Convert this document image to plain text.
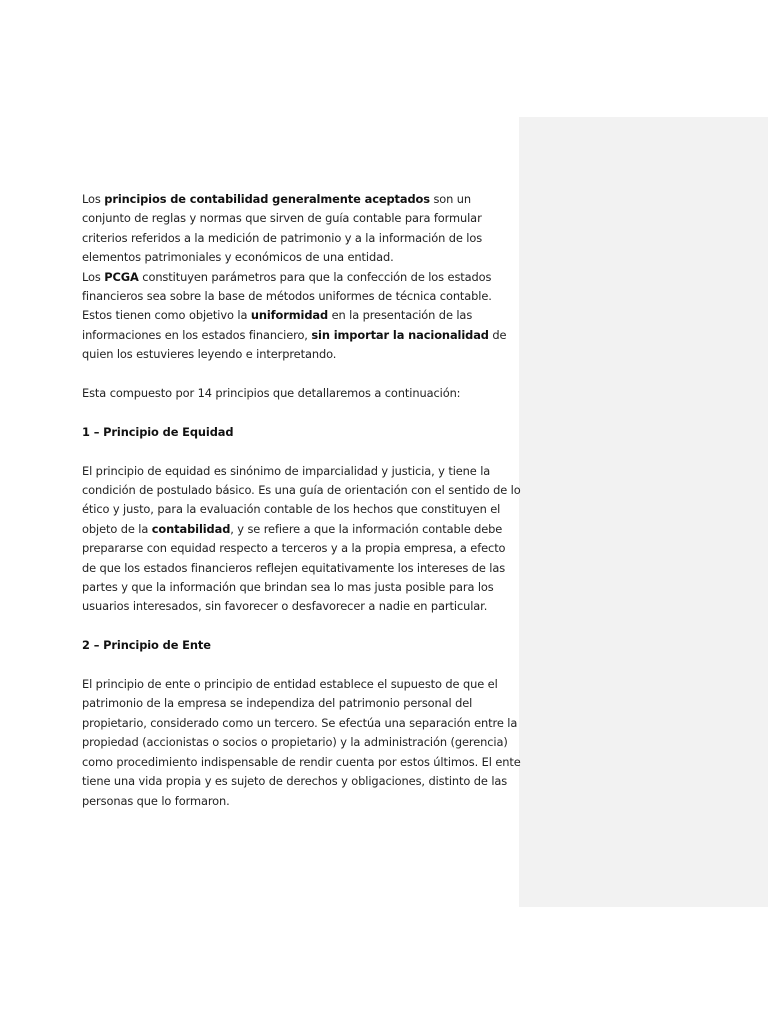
Los principios de contabilidad generalmente aceptados son un conjunto de reglas y normas que sirven de guía contable para formular criterios referidos a la medición de patrimonio y a la información de los elementos patrimoniales y económicos de una entidad.

Los PCGA constituyen parámetros para que la confección de los estados financieros sea sobre la base de métodos uniformes de técnica contable. Estos tienen como objetivo la uniformidad en la presentación de las informaciones en los estados financiero, sin importar la nacionalidad de quien los estuvieres leyendo e interpretando.

Esta compuesto por 14 principios que detallaremos a continuación:

1 – Principio de Equidad

El principio de equidad es sinónimo de imparcialidad y justicia, y tiene la condición de postulado básico. Es una guía de orientación con el sentido de lo ético y justo, para la evaluación contable de los hechos que constituyen el objeto de la contabilidad, y se refiere a que la información contable debe prepararse con equidad respecto a terceros y a la propia empresa, a efecto de que los estados financieros reflejen equitativamente los intereses de las partes y que la información que brindan sea lo mas justa posible para los usuarios interesados, sin favorecer o desfavorecer a nadie en particular.

2 – Principio de Ente

El principio de ente o principio de entidad establece el supuesto de que el patrimonio de la empresa se independiza del patrimonio personal del propietario, considerado como un tercero. Se efectúa una separación entre la propiedad (accionistas o socios o propietario) y la administración (gerencia) como procedimiento indispensable de rendir cuenta por estos últimos. El ente tiene una vida propia y es sujeto de derechos y obligaciones, distinto de las personas que lo formaron.
